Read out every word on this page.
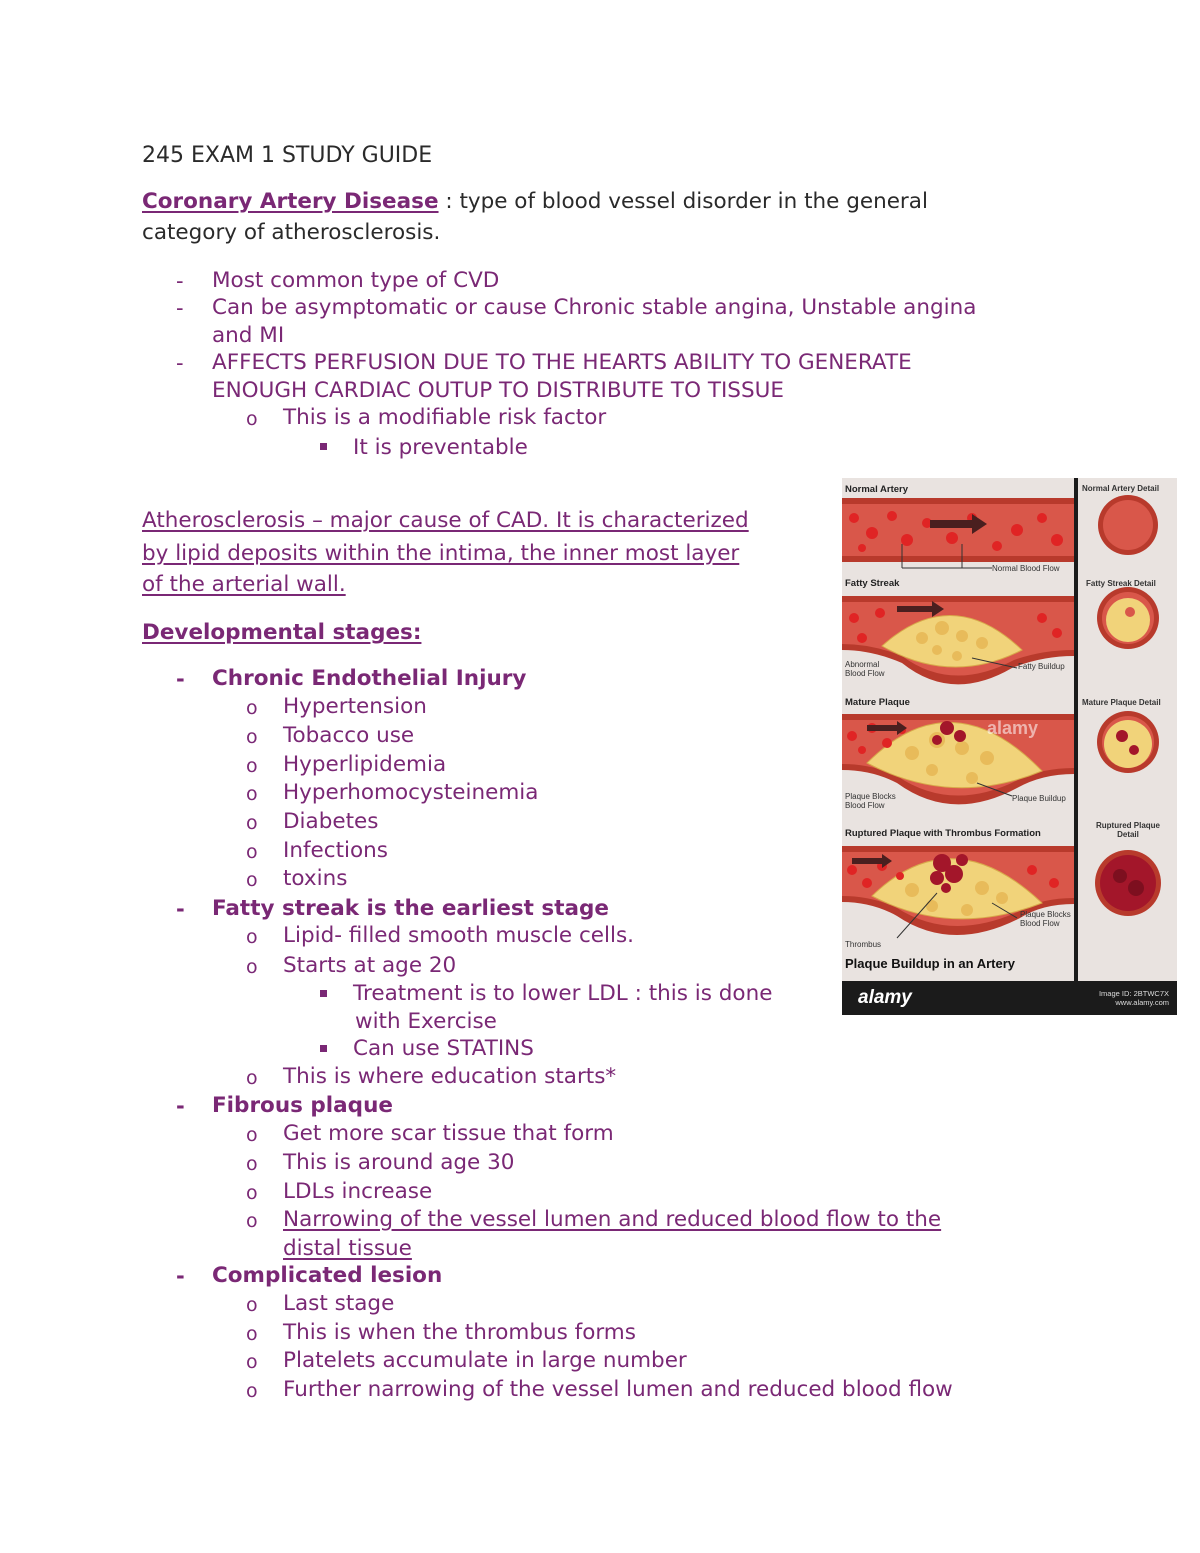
245 EXAM 1 STUDY GUIDE
Coronary Artery Disease : type of blood vessel disorder in the general
category of atherosclerosis.
- Most common type of CVD
- Can be asymptomatic or cause Chronic stable angina, Unstable angina
and MI
- AFFECTS PERFUSION DUE TO THE HEARTS ABILITY TO GENERATE
ENOUGH CARDIAC OUTUP TO DISTRIBUTE TO TISSUE
o This is a modifiable risk factor
It is preventable
Atherosclerosis – major cause of CAD. It is characterized
by lipid deposits within the intima, the inner most layer
of the arterial wall.
Developmental stages:
- Chronic Endothelial Injury
o Hypertension
o Tobacco use
o Hyperlipidemia
o Hyperhomocysteinemia
o Diabetes
o Infections
o toxins
- Fatty streak is the earliest stage
o Lipid- filled smooth muscle cells.
o Starts at age 20
Treatment is to lower LDL : this is done
with Exercise
Can use STATINS
o This is where education starts*
- Fibrous plaque
o Get more scar tissue that form
o This is around age 30
o LDLs increase
o Narrowing of the vessel lumen and reduced blood flow to the
distal tissue
- Complicated lesion
o Last stage
o This is when the thrombus forms
o Platelets accumulate in large number
o Further narrowing of the vessel lumen and reduced blood flow
Normal Artery
Normal Blood Flow
Fatty Streak
Abnormal Blood Flow
Fatty Buildup
Mature Plaque
Plaque Blocks Blood Flow
Plaque Buildup
alamy
Ruptured Plaque with Thrombus Formation
Plaque Blocks Blood Flow
Thrombus
Plaque Buildup in an Artery
Normal Artery Detail
Fatty Streak Detail
Mature Plaque Detail
Ruptured Plaque Detail
alamy	Image ID: 2BTWC7X
www.alamy.com
